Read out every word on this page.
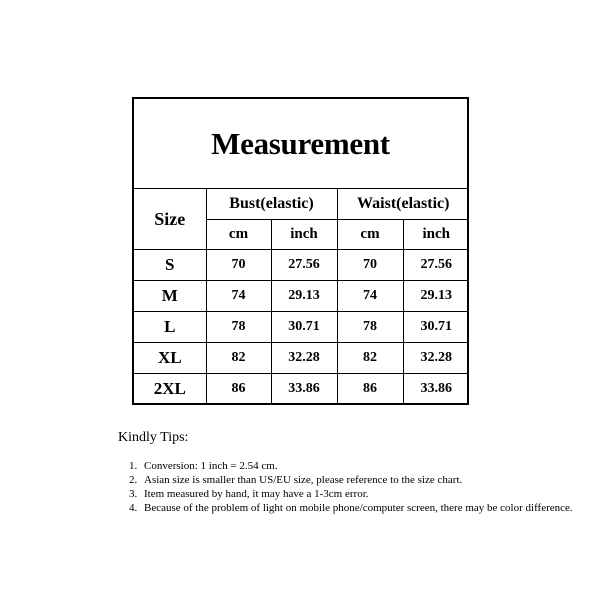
Measurement
Size	Bust(elastic)		Waist(elastic)	
	cm	inch	cm	inch
S	70	27.56	70	27.56
M	74	29.13	74	29.13
L	78	30.71	78	30.71
XL	82	32.28	82	32.28
2XL	86	33.86	86	33.86
Kindly Tips:
1. Conversion: 1 inch = 2.54 cm.
2. Asian size is smaller than US/EU size, please reference to the size chart.
3. Item measured by hand, it may have a 1-3cm error.
4. Because of the problem of light on mobile phone/computer screen, there may be color difference.
